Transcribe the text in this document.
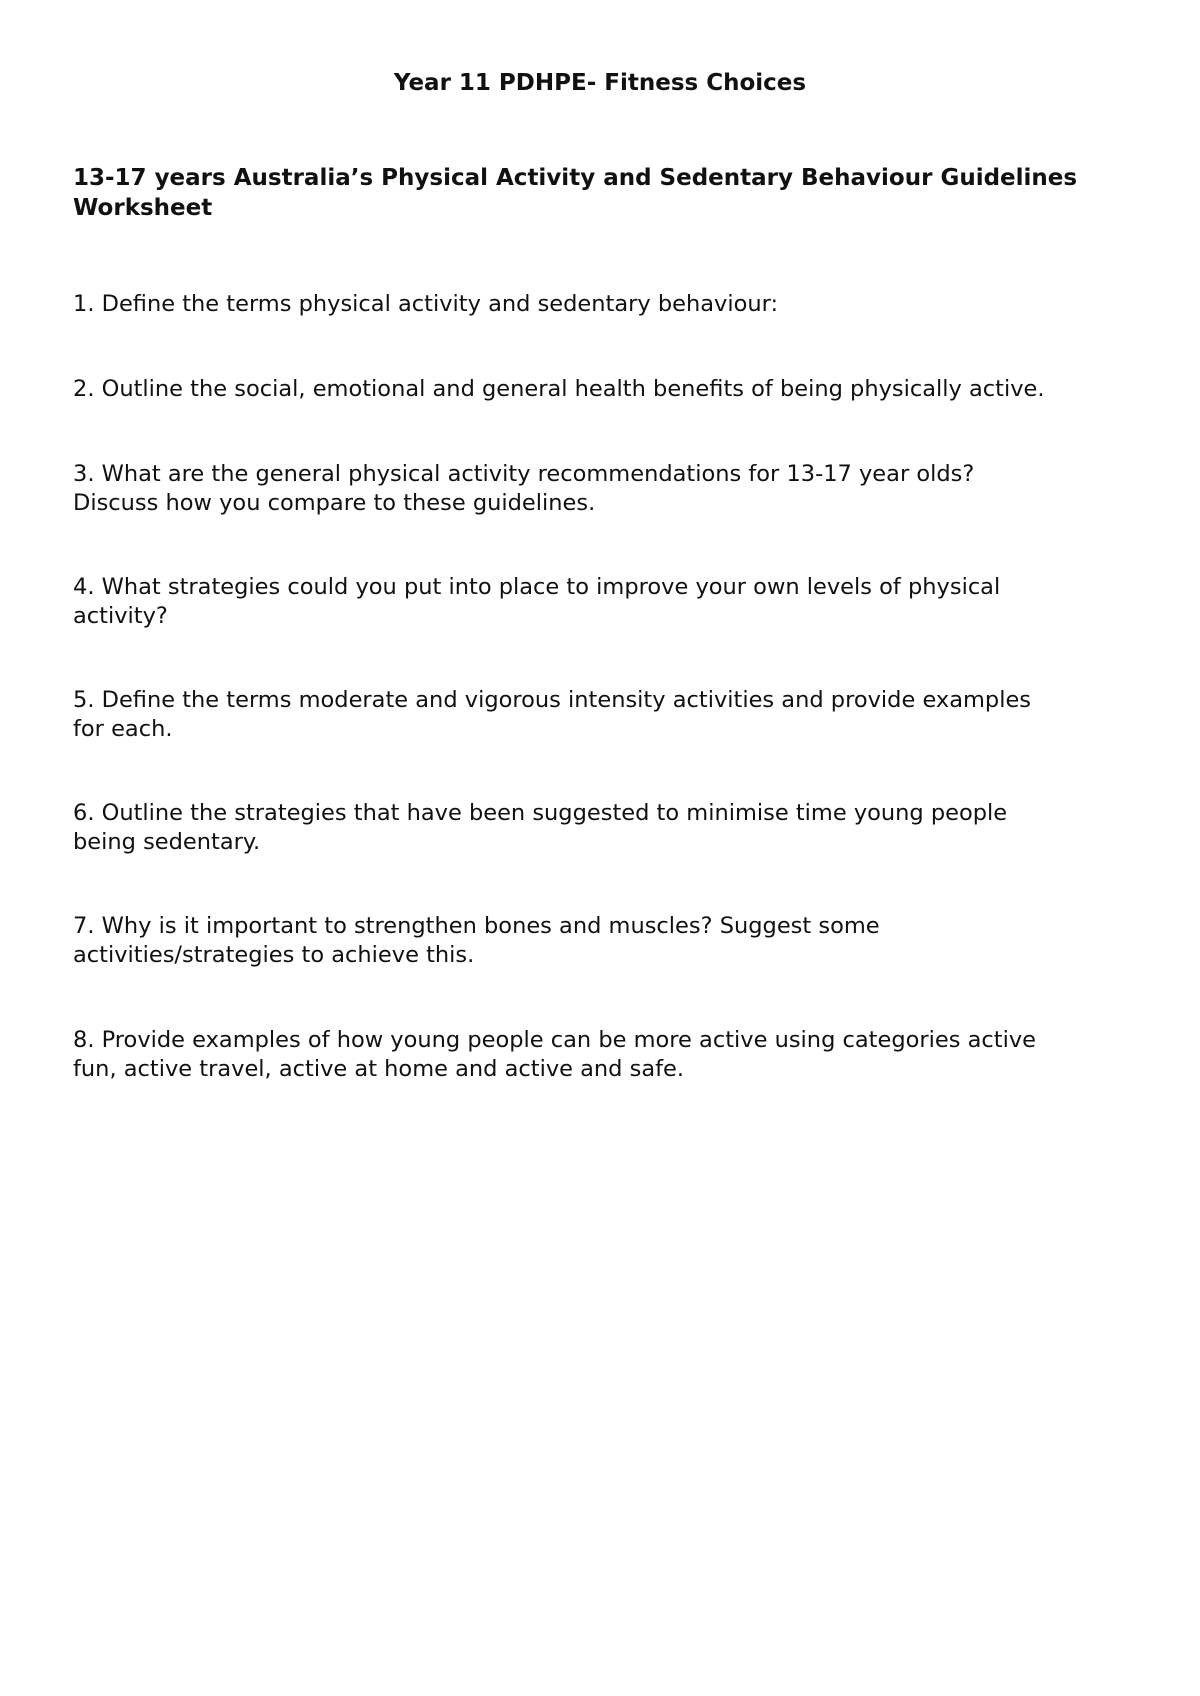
Year 11 PDHPE- Fitness Choices
13-17 years Australia’s Physical Activity and Sedentary Behaviour Guidelines Worksheet
1. Define the terms physical activity and sedentary behaviour:
2. Outline the social, emotional and general health benefits of being physically active.
3. What are the general physical activity recommendations for 13-17 year olds?
Discuss how you compare to these guidelines.
4. What strategies could you put into place to improve your own levels of physical
activity?
5. Define the terms moderate and vigorous intensity activities and provide examples
for each.
6. Outline the strategies that have been suggested to minimise time young people
being sedentary.
7. Why is it important to strengthen bones and muscles? Suggest some
activities/strategies to achieve this.
8. Provide examples of how young people can be more active using categories active
fun, active travel, active at home and active and safe.
